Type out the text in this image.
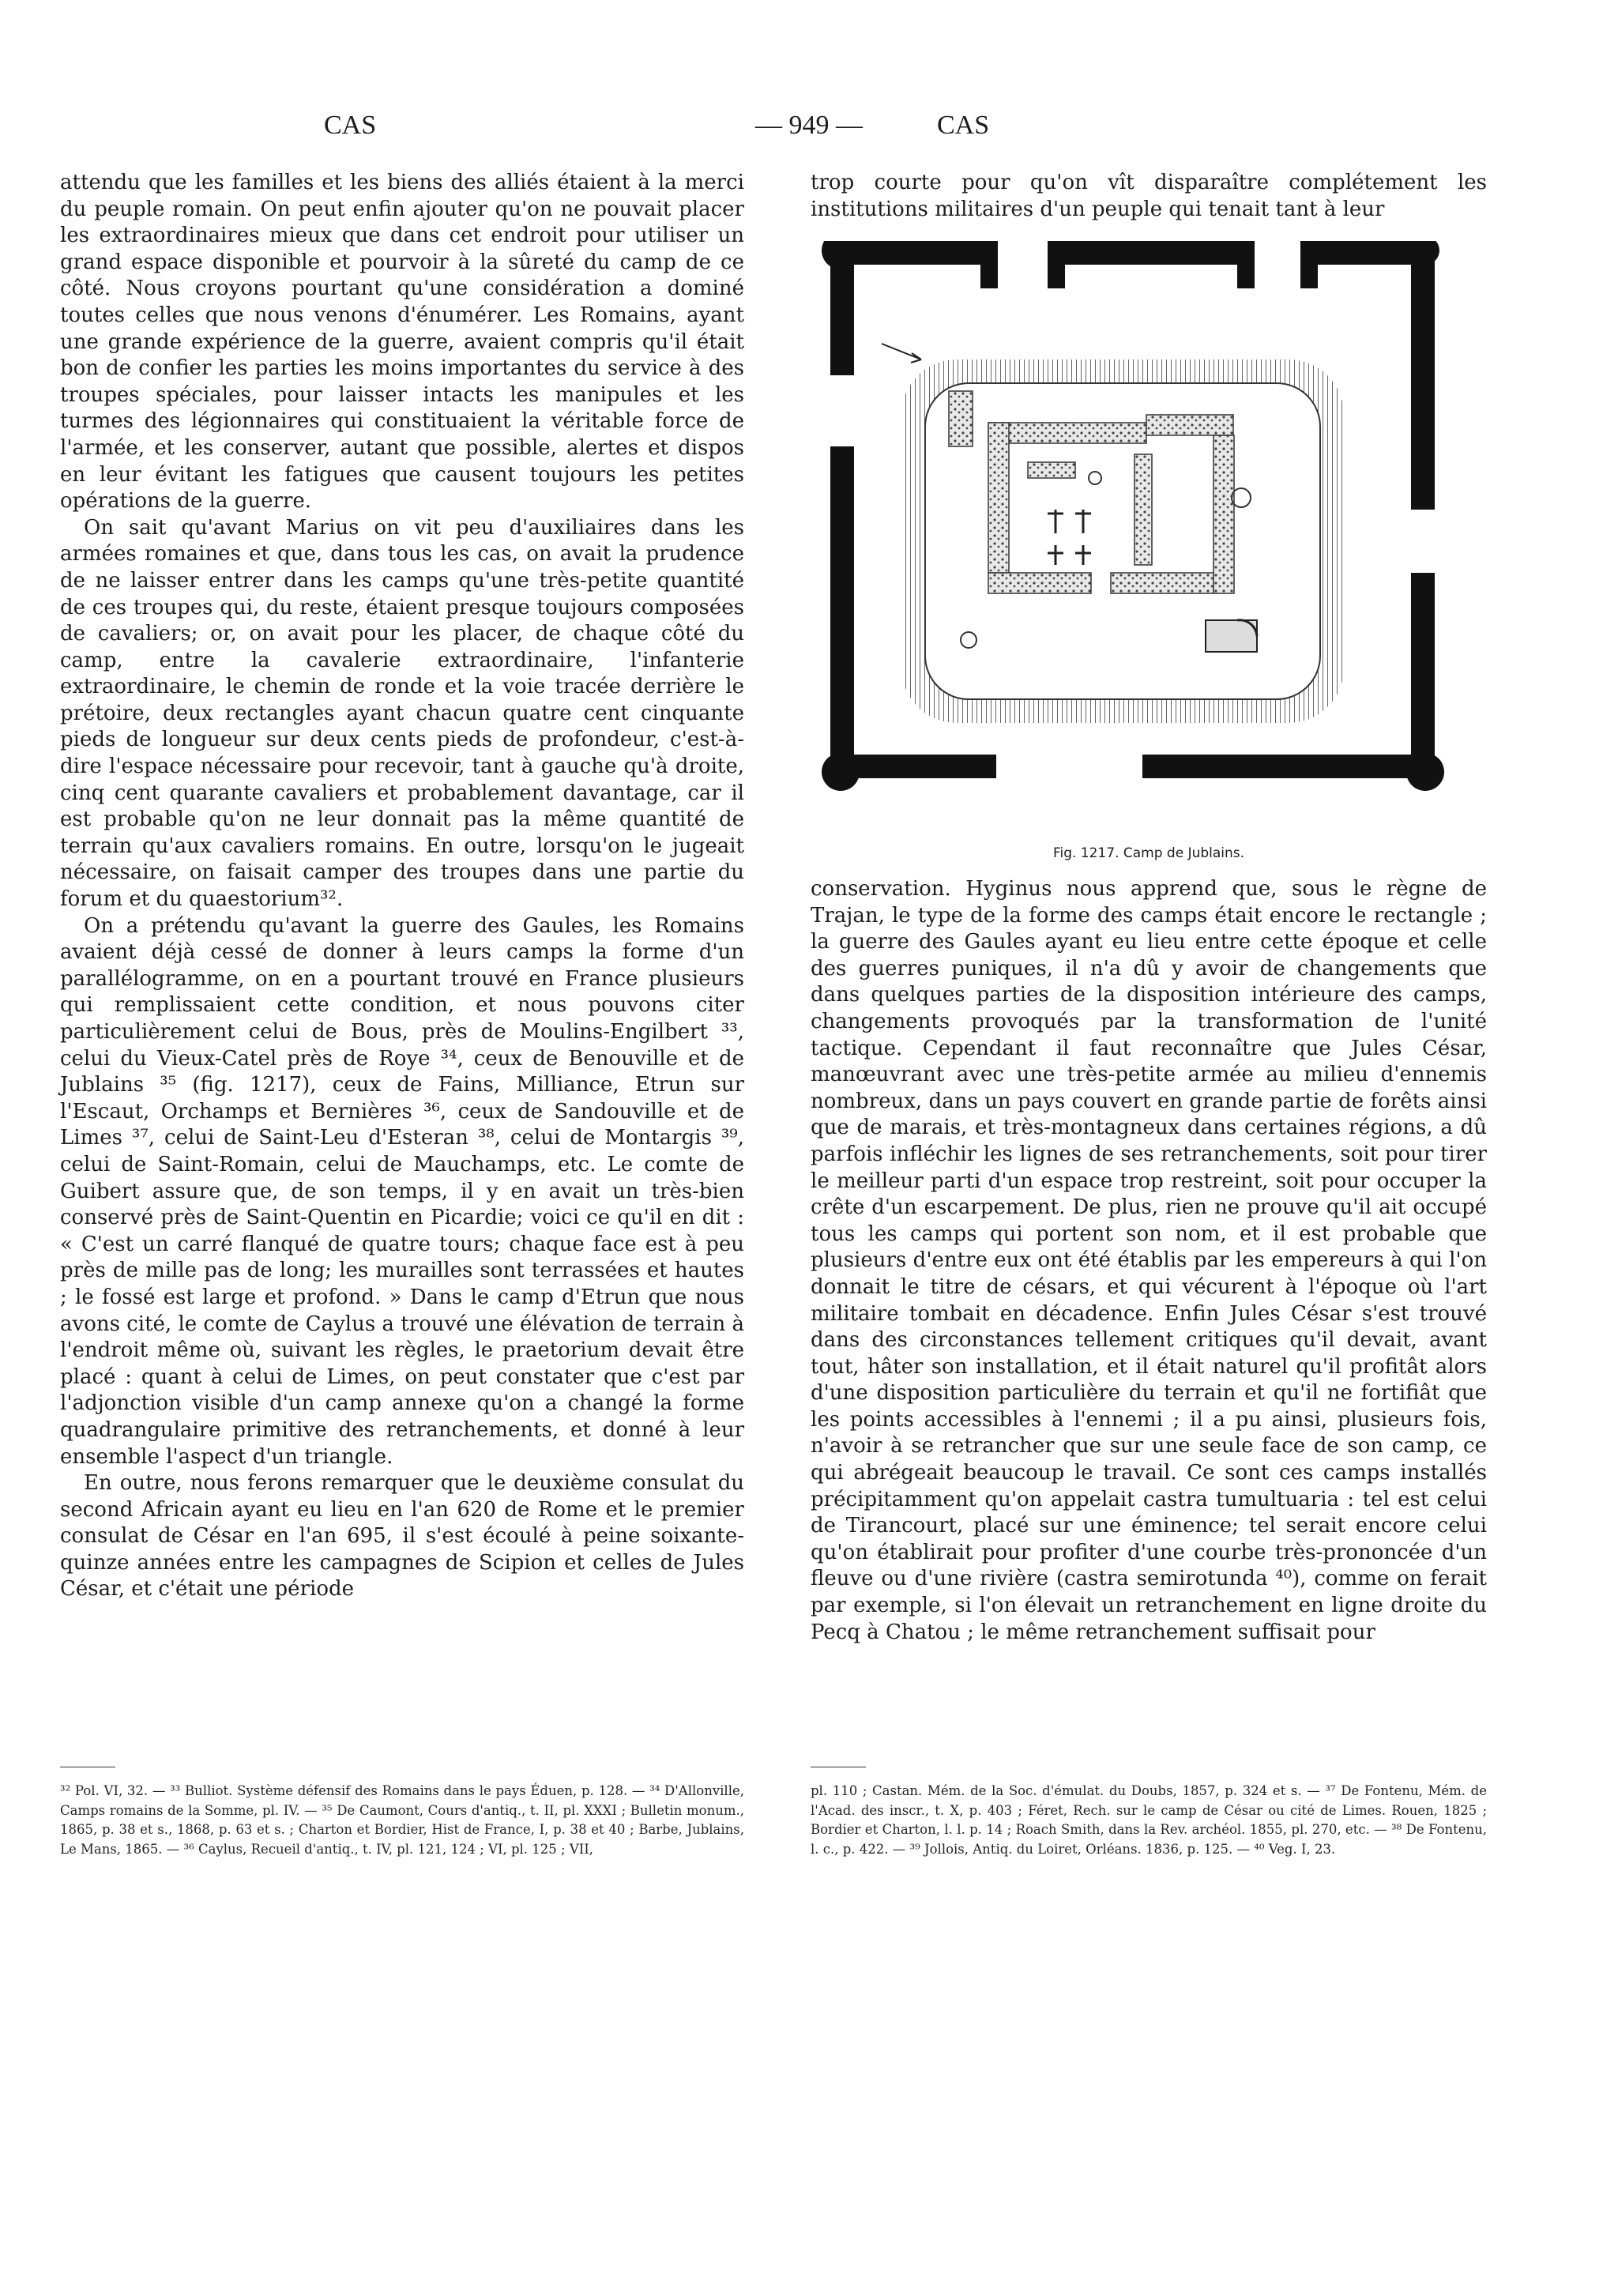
CAS	— 949 —	CAS

attendu que les familles et les biens des alliés étaient à la merci du peuple romain. On peut enfin ajouter qu'on ne pouvait placer les extraordinaires mieux que dans cet endroit pour utiliser un grand espace disponible et pourvoir à la sûreté du camp de ce côté. Nous croyons pourtant qu'une considération a dominé toutes celles que nous venons d'énumérer. Les Romains, ayant une grande expérience de la guerre, avaient compris qu'il était bon de confier les parties les moins importantes du service à des troupes spéciales, pour laisser intacts les manipules et les turmes des légionnaires qui constituaient la véritable force de l'armée, et les conserver, autant que possible, alertes et dispos en leur évitant les fatigues que causent toujours les petites opérations de la guerre.

On sait qu'avant Marius on vit peu d'auxiliaires dans les armées romaines et que, dans tous les cas, on avait la prudence de ne laisser entrer dans les camps qu'une très-petite quantité de ces troupes qui, du reste, étaient presque toujours composées de cavaliers; or, on avait pour les placer, de chaque côté du camp, entre la cavalerie extraordinaire, l'infanterie extraordinaire, le chemin de ronde et la voie tracée derrière le prétoire, deux rectangles ayant chacun quatre cent cinquante pieds de longueur sur deux cents pieds de profondeur, c'est-à-dire l'espace nécessaire pour recevoir, tant à gauche qu'à droite, cinq cent quarante cavaliers et probablement davantage, car il est probable qu'on ne leur donnait pas la même quantité de terrain qu'aux cavaliers romains. En outre, lorsqu'on le jugeait nécessaire, on faisait camper des troupes dans une partie du forum et du quaestorium³².

On a prétendu qu'avant la guerre des Gaules, les Romains avaient déjà cessé de donner à leurs camps la forme d'un parallélogramme, on en a pourtant trouvé en France plusieurs qui remplissaient cette condition, et nous pouvons citer particulièrement celui de Bous, près de Moulins-Engilbert ³³, celui du Vieux-Catel près de Roye ³⁴, ceux de Benouville et de Jublains ³⁵ (fig. 1217), ceux de Fains, Milliance, Etrun sur l'Escaut, Orchamps et Bernières ³⁶, ceux de Sandouville et de Limes ³⁷, celui de Saint-Leu d'Esteran ³⁸, celui de Montargis ³⁹, celui de Saint-Romain, celui de Mauchamps, etc. Le comte de Guibert assure que, de son temps, il y en avait un très-bien conservé près de Saint-Quentin en Picardie; voici ce qu'il en dit : « C'est un carré flanqué de quatre tours; chaque face est à peu près de mille pas de long; les murailles sont terrassées et hautes ; le fossé est large et profond. » Dans le camp d'Etrun que nous avons cité, le comte de Caylus a trouvé une élévation de terrain à l'endroit même où, suivant les règles, le praetorium devait être placé : quant à celui de Limes, on peut constater que c'est par l'adjonction visible d'un camp annexe qu'on a changé la forme quadrangulaire primitive des retranchements, et donné à leur ensemble l'aspect d'un triangle.

En outre, nous ferons remarquer que le deuxième consulat du second Africain ayant eu lieu en l'an 620 de Rome et le premier consulat de César en l'an 695, il s'est écoulé à peine soixante-quinze années entre les campagnes de Scipion et celles de Jules César, et c'était une période

trop courte pour qu'on vît disparaître complétement les institutions militaires d'un peuple qui tenait tant à leur

Fig. 1217. Camp de Jublains.

conservation. Hyginus nous apprend que, sous le règne de Trajan, le type de la forme des camps était encore le rectangle ; la guerre des Gaules ayant eu lieu entre cette époque et celle des guerres puniques, il n'a dû y avoir de changements que dans quelques parties de la disposition intérieure des camps, changements provoqués par la transformation de l'unité tactique. Cependant il faut reconnaître que Jules César, manœuvrant avec une très-petite armée au milieu d'ennemis nombreux, dans un pays couvert en grande partie de forêts ainsi que de marais, et très-montagneux dans certaines régions, a dû parfois infléchir les lignes de ses retranchements, soit pour tirer le meilleur parti d'un espace trop restreint, soit pour occuper la crête d'un escarpement. De plus, rien ne prouve qu'il ait occupé tous les camps qui portent son nom, et il est probable que plusieurs d'entre eux ont été établis par les empereurs à qui l'on donnait le titre de césars, et qui vécurent à l'époque où l'art militaire tombait en décadence. Enfin Jules César s'est trouvé dans des circonstances tellement critiques qu'il devait, avant tout, hâter son installation, et il était naturel qu'il profitât alors d'une disposition particulière du terrain et qu'il ne fortifiât que les points accessibles à l'ennemi ; il a pu ainsi, plusieurs fois, n'avoir à se retrancher que sur une seule face de son camp, ce qui abrégeait beaucoup le travail. Ce sont ces camps installés précipitamment qu'on appelait castra tumultuaria : tel est celui de Tirancourt, placé sur une éminence; tel serait encore celui qu'on établirait pour profiter d'une courbe très-prononcée d'un fleuve ou d'une rivière (castra semirotunda ⁴⁰), comme on ferait par exemple, si l'on élevait un retranchement en ligne droite du Pecq à Chatou ; le même retranchement suffisait pour

³² Pol. VI, 32. — ³³ Bulliot. Système défensif des Romains dans le pays Éduen, p. 128. — ³⁴ D'Allonville, Camps romains de la Somme, pl. IV. — ³⁵ De Caumont, Cours d'antiq., t. II, pl. XXXI ; Bulletin monum., 1865, p. 38 et s., 1868, p. 63 et s. ; Charton et Bordier, Hist de France, I, p. 38 et 40 ; Barbe, Jublains, Le Mans, 1865. — ³⁶ Caylus, Recueil d'antiq., t. IV, pl. 121, 124 ; VI, pl. 125 ; VII,

pl. 110 ; Castan. Mém. de la Soc. d'émulat. du Doubs, 1857, p. 324 et s. — ³⁷ De Fontenu, Mém. de l'Acad. des inscr., t. X, p. 403 ; Féret, Rech. sur le camp de César ou cité de Limes. Rouen, 1825 ; Bordier et Charton, l. l. p. 14 ; Roach Smith, dans la Rev. archéol. 1855, pl. 270, etc. — ³⁸ De Fontenu, l. c., p. 422. — ³⁹ Jollois, Antiq. du Loiret, Orléans. 1836, p. 125. — ⁴⁰ Veg. I, 23.
